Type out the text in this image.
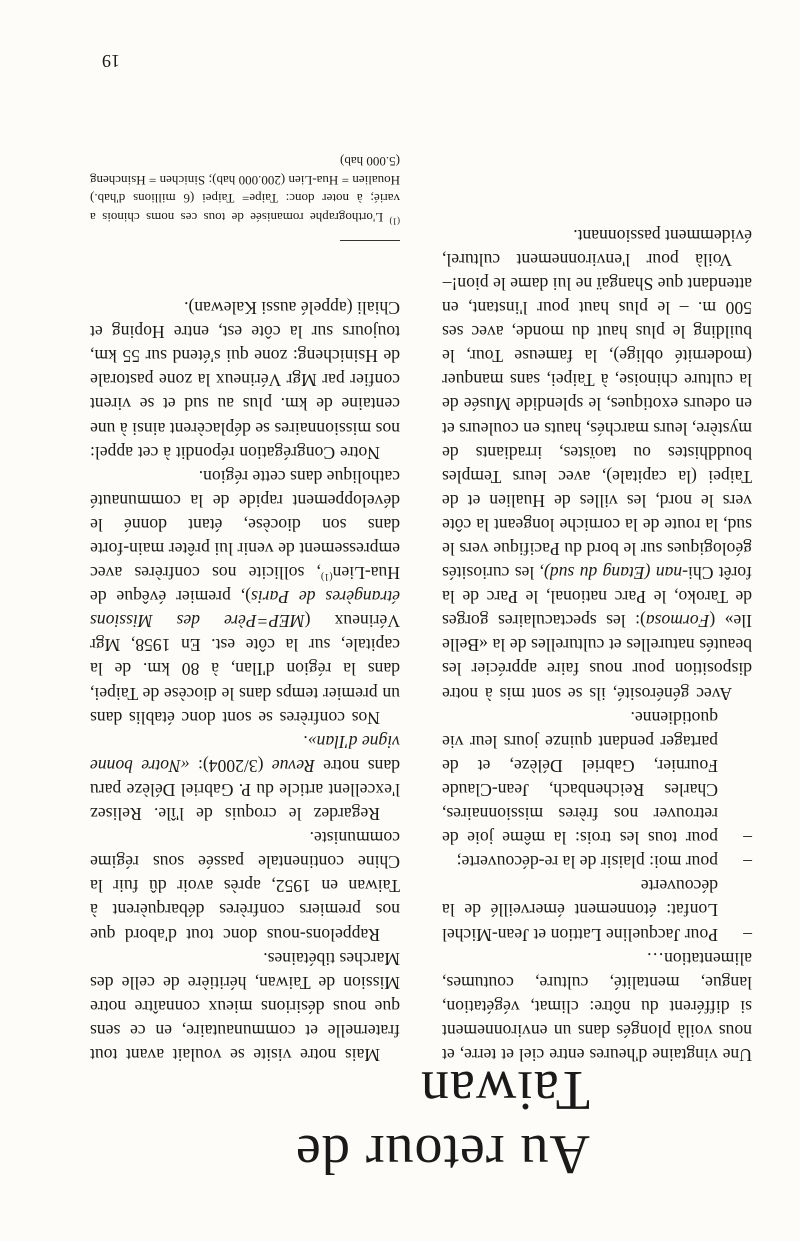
Au retour de Taiwan

Une vingtaine d'heures entre ciel et terre, et nous voilà plongés dans un environnement si différent du nôtre: climat, végétation, langue, mentalité, culture, coutumes, alimentation…

–Pour Jacqueline Lattion et Jean-Michel Lonfat: étonnement émerveillé de la découverte
–pour moi: plaisir de la re-découverte;
–pour tous les trois: la même joie de retrouver nos frères missionnaires, Charles Reichenbach, Jean-Claude Fournier, Gabriel Délèze, et de partager pendant quinze jours leur vie quotidienne.

Avec générosité, ils se sont mis à notre disposition pour nous faire apprécier les beautés naturelles et culturelles de la «Belle Ile» (Formosa): les spectaculaires gorges de Taroko, le Parc national, le Parc de la forêt Chi-nan (Etang du sud), les curiosités géologiques sur le bord du Pacifique vers le sud, la route de la corniche longeant la côte vers le nord, les villes de Hualien et de Taipei (la capitale), avec leurs Temples bouddhistes ou taoïstes, irradiants de mystère, leurs marchés, hauts en couleurs et en odeurs exotiques, le splendide Musée de la culture chinoise, à Taipei, sans manquer (modernité oblige), la fameuse Tour, le building le plus haut du monde, avec ses 500 m. – le plus haut pour l'instant, en attendant que Shangaï ne lui dame le pion!–

Voilà pour l'environnement culturel, évidemment passionnant.

Mais notre visite se voulait avant tout fraternelle et communautaire, en ce sens que nous désirions mieux connaître notre Mission de Taiwan, héritière de celle des Marches tibétaines.

Rappelons-nous donc tout d'abord que nos premiers confrères débarquèrent à Taiwan en 1952, après avoir dû fuir la Chine continentale passée sous régime communiste.

Regardez le croquis de l'île. Relisez l'excellent article du P. Gabriel Délèze paru dans notre Revue (3/2004): «Notre bonne vigne d'Ilan».

Nos confrères se sont donc établis dans un premier temps dans le diocèse de Taipei, dans la région d'Ilan, à 80 km. de la capitale, sur la côte est. En 1958, Mgr Vérineux (MEP=Père des Missions étrangères de Paris), premier évêque de Hua-Lien$^{(1)}$, sollicite nos confrères avec empressement de venir lui prêter main-forte dans son diocèse, étant donné le développement rapide de la communauté catholique dans cette région.

Notre Congrégation répondit à cet appel: nos missionnaires se déplacèrent ainsi à une centaine de km. plus au sud et se virent confier par Mgr Vérineux la zone pastorale de Hsinicheng: zone qui s'étend sur 55 km, toujours sur la côte est, entre Hoping et Chiali (appelé aussi Kalewan).

$^{(1)}$ L'orthographe romanisée de tous ces noms chinois a varié; à noter donc: Taipe= Taipei (6 millions d'hab.) Houalien = Hua-Lien (200.000 hab); Sinichen = Hsincheng (5.000 hab)
19
